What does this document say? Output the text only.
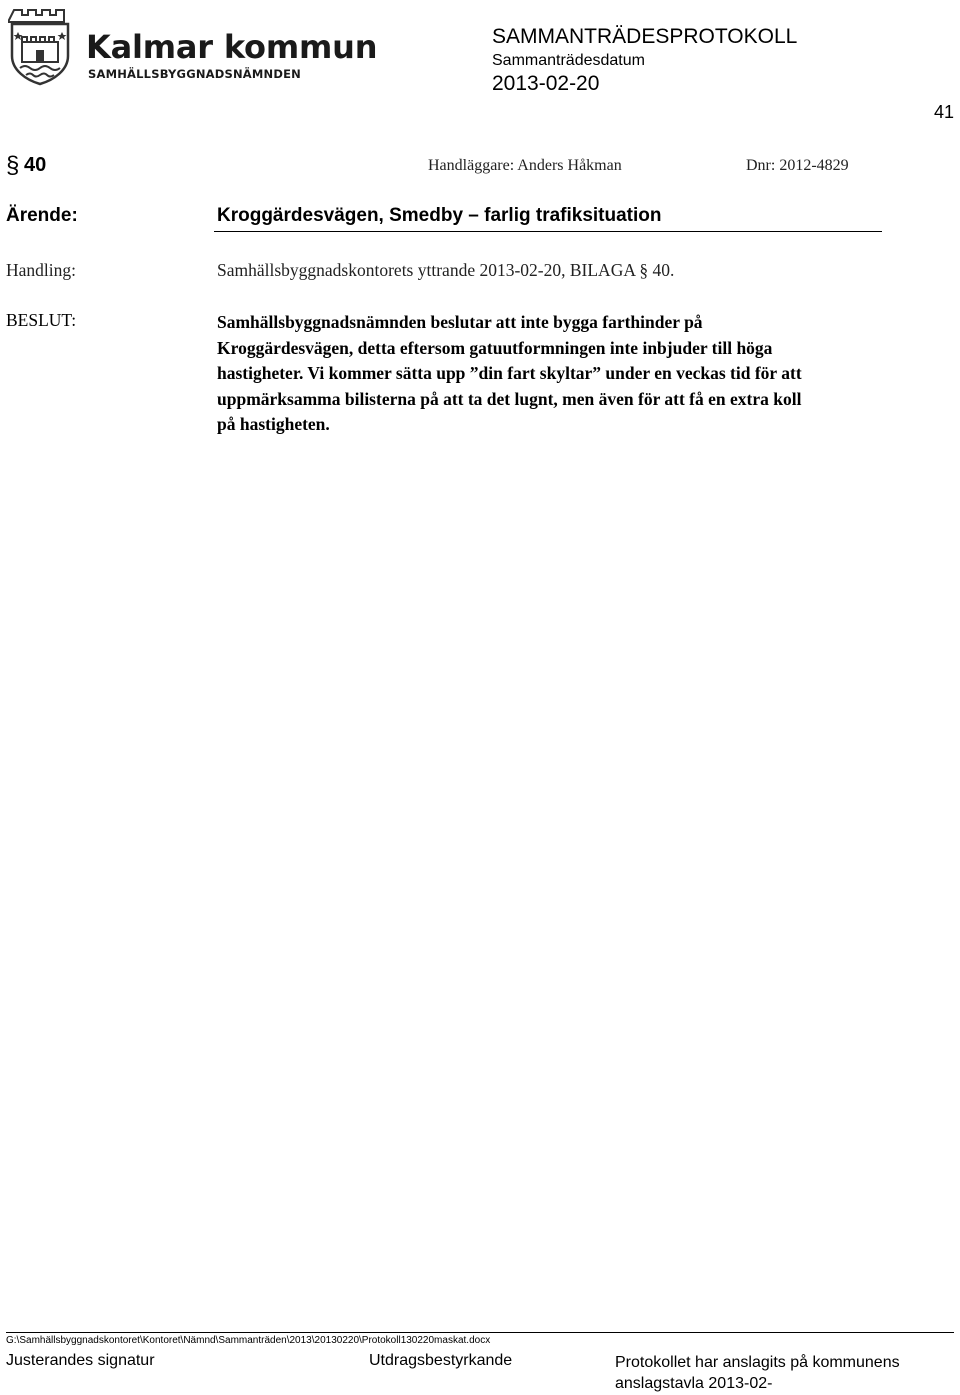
Kalmar kommun
SAMHÄLLSBYGGNADSNÄMNDEN
SAMMANTRÄDESPROTOKOLL
Sammanträdesdatum
2013-02-20
41
§ 40	Handläggare: Anders Håkman	Dnr: 2012-4829
Ärende:	Kroggärdesvägen, Smedby – farlig trafiksituation
Handling:	Samhällsbyggnadskontorets yttrande 2013-02-20, BILAGA § 40.
BESLUT:	Samhällsbyggnadsnämnden beslutar att inte bygga farthinder på
Kroggärdesvägen, detta eftersom gatuutformningen inte inbjuder till höga
hastigheter. Vi kommer sätta upp ”din fart skyltar” under en veckas tid för att
uppmärksamma bilisterna på att ta det lugnt, men även för att få en extra koll
på hastigheten.
G:\Samhällsbyggnadskontoret\Kontoret\Nämnd\Sammanträden\2013\20130220\Protokoll130220maskat.docx
Justerandes signatur	Utdragsbestyrkande	Protokollet har anslagits på kommunens
anslagstavla 2013-02-
